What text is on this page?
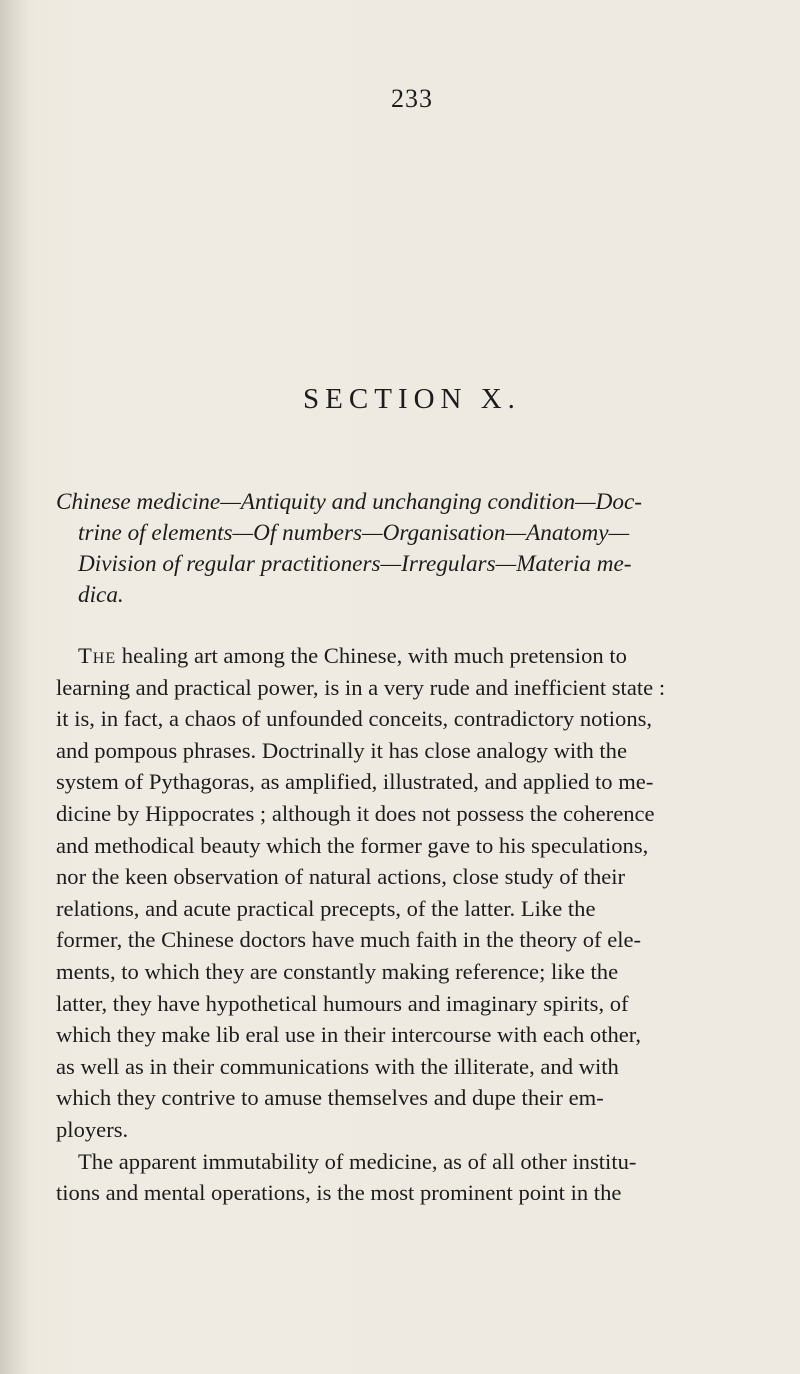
233
SECTION X.
Chinese medicine—Antiquity and unchanging condition—Doc-
trine of elements—Of numbers—Organisation—Anatomy—
Division of regular practitioners—Irregulars—Materia me-
dica.
The healing art among the Chinese, with much pretension to
learning and practical power, is in a very rude and inefficient state :
it is, in fact, a chaos of unfounded conceits, contradictory notions,
and pompous phrases. Doctrinally it has close analogy with the
system of Pythagoras, as amplified, illustrated, and applied to me-
dicine by Hippocrates ; although it does not possess the coherence
and methodical beauty which the former gave to his speculations,
nor the keen observation of natural actions, close study of their
relations, and acute practical precepts, of the latter. Like the
former, the Chinese doctors have much faith in the theory of ele-
ments, to which they are constantly making reference; like the
latter, they have hypothetical humours and imaginary spirits, of
which they make lib eral use in their intercourse with each other,
as well as in their communications with the illiterate, and with
which they contrive to amuse themselves and dupe their em-
ployers.
The apparent immutability of medicine, as of all other institu-
tions and mental operations, is the most prominent point in the
